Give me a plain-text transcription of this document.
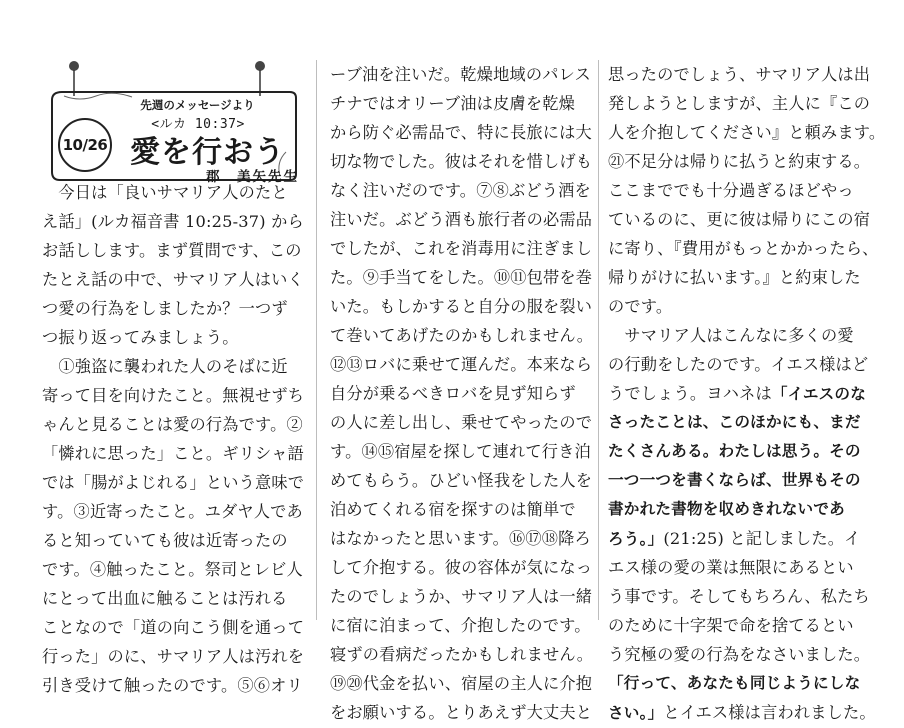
10/26
先週のメッセージより
<ルカ 10:37>
愛を行おう
郡　美矢先生
　今日は「良いサマリア人のたと
え話」(ルカ福音書 10:25-37) から
お話しします。まず質問です、この
たとえ話の中で、サマリア人はいく
つ愛の行為をしましたか？一つず
つ振り返ってみましょう。
　①強盗に襲われた人のそばに近
寄って目を向けたこと。無視せずち
ゃんと見ることは愛の行為です。②
「憐れに思った」こと。ギリシャ語
では「腸がよじれる」という意味で
す。③近寄ったこと。ユダヤ人であ
ると知っていても彼は近寄ったの
です。④触ったこと。祭司とレビ人
にとって出血に触ることは汚れる
ことなので「道の向こう側を通って
行った」のに、サマリア人は汚れを
引き受けて触ったのです。⑤⑥オリ
ーブ油を注いだ。乾燥地域のパレス
チナではオリーブ油は皮膚を乾燥
から防ぐ必需品で、特に長旅には大
切な物でした。彼はそれを惜しげも
なく注いだのです。⑦⑧ぶどう酒を
注いだ。ぶどう酒も旅行者の必需品
でしたが、これを消毒用に注ぎまし
た。⑨手当てをした。⑩⑪包帯を巻
いた。もしかすると自分の服を裂い
て巻いてあげたのかもしれません。
⑫⑬ロバに乗せて運んだ。本来なら
自分が乗るべきロバを見ず知らず
の人に差し出し、乗せてやったので
す。⑭⑮宿屋を探して連れて行き泊
めてもらう。ひどい怪我をした人を
泊めてくれる宿を探すのは簡単で
はなかったと思います。⑯⑰⑱降ろ
して介抱する。彼の容体が気になっ
たのでしょうか、サマリア人は一緒
に宿に泊まって、介抱したのです。
寝ずの看病だったかもしれません。
⑲⑳代金を払い、宿屋の主人に介抱
をお願いする。とりあえず大丈夫と
思ったのでしょう、サマリア人は出
発しようとしますが、主人に『この
人を介抱してください』と頼みます。
㉑不足分は帰りに払うと約束する。
ここまででも十分過ぎるほどやっ
ているのに、更に彼は帰りにこの宿
に寄り、『費用がもっとかかったら、
帰りがけに払います。』と約束した
のです。
　サマリア人はこんなに多くの愛
の行動をしたのです。イエス様はど
うでしょう。ヨハネは「イエスのな
さったことは、このほかにも、まだ
たくさんある。わたしは思う。その
一つ一つを書くならば、世界もその
書かれた書物を収めきれないであ
ろう。」(21:25) と記しました。イ
エス様の愛の業は無限にあるとい
う事です。そしてもちろん、私たち
のために十字架で命を捨てるとい
う究極の愛の行為をなさいました。
「行って、あなたも同じようにしな
さい。」とイエス様は言われました。
